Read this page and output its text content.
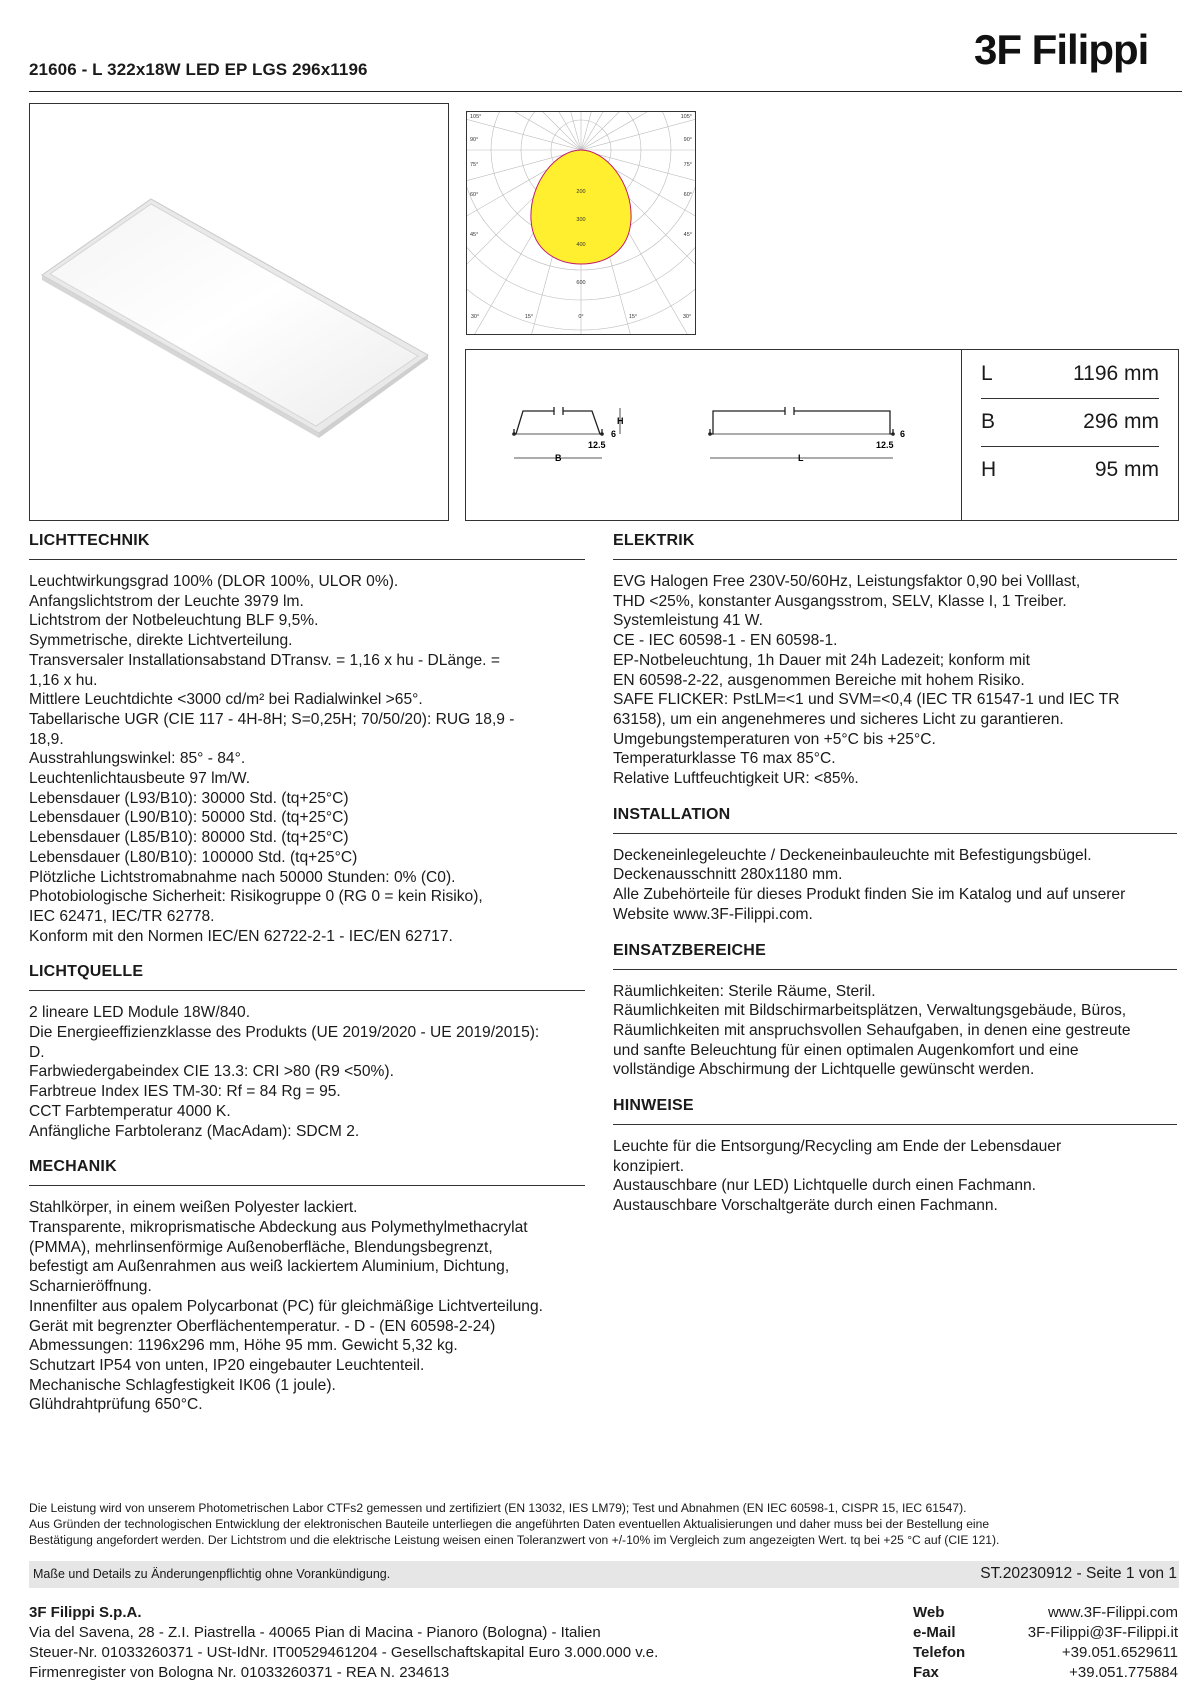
21606 - L 322x18W LED EP LGS 296x1196	3F Filippi
200
300
400
600
105°
90°
75°
60°
45°
105°
90°
75°
60°
45°
30°	15°	0°	15°	30°
H
6
12.5
B
6
12.5
L
L	1196 mm
B	296 mm
H	95 mm
LICHTTECHNIK

Leuchtwirkungsgrad 100% (DLOR 100%, ULOR 0%).

Anfangslichtstrom der Leuchte 3979 lm.

Lichtstrom der Notbeleuchtung BLF 9,5%.

Symmetrische, direkte Lichtverteilung.

Transversaler Installationsabstand DTransv. = 1,16 x hu - DLänge. =

1,16 x hu.

Mittlere Leuchtdichte <3000 cd/m² bei Radialwinkel >65°.

Tabellarische UGR (CIE 117 - 4H-8H; S=0,25H; 70/50/20): RUG 18,9 -

18,9.

Ausstrahlungswinkel: 85° - 84°.

Leuchtenlichtausbeute 97 lm/W.

Lebensdauer (L93/B10): 30000 Std. (tq+25°C)

Lebensdauer (L90/B10): 50000 Std. (tq+25°C)

Lebensdauer (L85/B10): 80000 Std. (tq+25°C)

Lebensdauer (L80/B10): 100000 Std. (tq+25°C)

Plötzliche Lichtstromabnahme nach 50000 Stunden: 0% (C0).

Photobiologische Sicherheit: Risikogruppe 0 (RG 0 = kein Risiko),

IEC 62471, IEC/TR 62778.

Konform mit den Normen IEC/EN 62722-2-1 - IEC/EN 62717.

LICHTQUELLE

2 lineare LED Module 18W/840.

Die Energieeffizienzklasse des Produkts (UE 2019/2020 - UE 2019/2015):

D.

Farbwiedergabeindex CIE 13.3: CRI >80 (R9 <50%).

Farbtreue Index IES TM-30: Rf = 84 Rg = 95.

CCT Farbtemperatur 4000 K.

Anfängliche Farbtoleranz (MacAdam): SDCM 2.

MECHANIK

Stahlkörper, in einem weißen Polyester lackiert.

Transparente, mikroprismatische Abdeckung aus Polymethylmethacrylat

(PMMA), mehrlinsenförmige Außenoberfläche, Blendungsbegrenzt,

befestigt am Außenrahmen aus weiß lackiertem Aluminium, Dichtung,

Scharnieröffnung.

Innenfilter aus opalem Polycarbonat (PC) für gleichmäßige Lichtverteilung.

Gerät mit begrenzter Oberflächentemperatur. - D - (EN 60598-2-24)

Abmessungen: 1196x296 mm, Höhe 95 mm. Gewicht 5,32 kg.

Schutzart IP54 von unten, IP20 eingebauter Leuchtenteil.

Mechanische Schlagfestigkeit IK06 (1 joule).

Glühdrahtprüfung 650°C.

ELEKTRIK

EVG Halogen Free 230V-50/60Hz, Leistungsfaktor 0,90 bei Volllast,

THD <25%, konstanter Ausgangsstrom, SELV, Klasse I, 1 Treiber.

Systemleistung 41 W.

CE - IEC 60598-1 - EN 60598-1.

EP-Notbeleuchtung, 1h Dauer mit 24h Ladezeit; konform mit

EN 60598-2-22, ausgenommen Bereiche mit hohem Risiko.

SAFE FLICKER: PstLM=<1 und SVM=<0,4 (IEC TR 61547-1 und IEC TR

63158), um ein angenehmeres und sicheres Licht zu garantieren.

Umgebungstemperaturen von +5°C bis +25°C.

Temperaturklasse T6 max 85°C.

Relative Luftfeuchtigkeit UR: <85%.

INSTALLATION

Deckeneinlegeleuchte / Deckeneinbauleuchte mit Befestigungsbügel.

Deckenausschnitt 280x1180 mm.

Alle Zubehörteile für dieses Produkt finden Sie im Katalog und auf unserer

Website www.3F-Filippi.com.

EINSATZBEREICHE

Räumlichkeiten: Sterile Räume, Steril.

Räumlichkeiten mit Bildschirmarbeitsplätzen, Verwaltungsgebäude, Büros,

Räumlichkeiten mit anspruchsvollen Sehaufgaben, in denen eine gestreute

und sanfte Beleuchtung für einen optimalen Augenkomfort und eine

vollständige Abschirmung der Lichtquelle gewünscht werden.

HINWEISE

Leuchte für die Entsorgung/Recycling am Ende der Lebensdauer

konzipiert.

Austauschbare (nur LED) Lichtquelle durch einen Fachmann.

Austauschbare Vorschaltgeräte durch einen Fachmann.

Die Leistung wird von unserem Photometrischen Labor CTFs2 gemessen und zertifiziert (EN 13032, IES LM79); Test und Abnahmen (EN IEC 60598-1, CISPR 15, IEC 61547).

Aus Gründen der technologischen Entwicklung der elektronischen Bauteile unterliegen die angeführten Daten eventuellen Aktualisierungen und daher muss bei der Bestellung eine

Bestätigung angefordert werden. Der Lichtstrom und die elektrische Leistung weisen einen Toleranzwert von +/-10% im Vergleich zum angezeigten Wert. tq bei +25 °C auf (CIE 121).

Maße und Details zu Änderungenpflichtig ohne Vorankündigung.	ST.20230912 - Seite 1 von 1

3F Filippi S.p.A.

Via del Savena, 28 - Z.I. Piastrella - 40065 Pian di Macina - Pianoro (Bologna) - Italien

Steuer-Nr. 01033260371 - USt-IdNr. IT00529461204 - Gesellschaftskapital Euro 3.000.000 v.e.

Firmenregister von Bologna Nr. 01033260371 - REA N. 234613

Web	www.3F-Filippi.com
e-Mail	3F-Filippi@3F-Filippi.it
Telefon	+39.051.6529611
Fax	+39.051.775884
